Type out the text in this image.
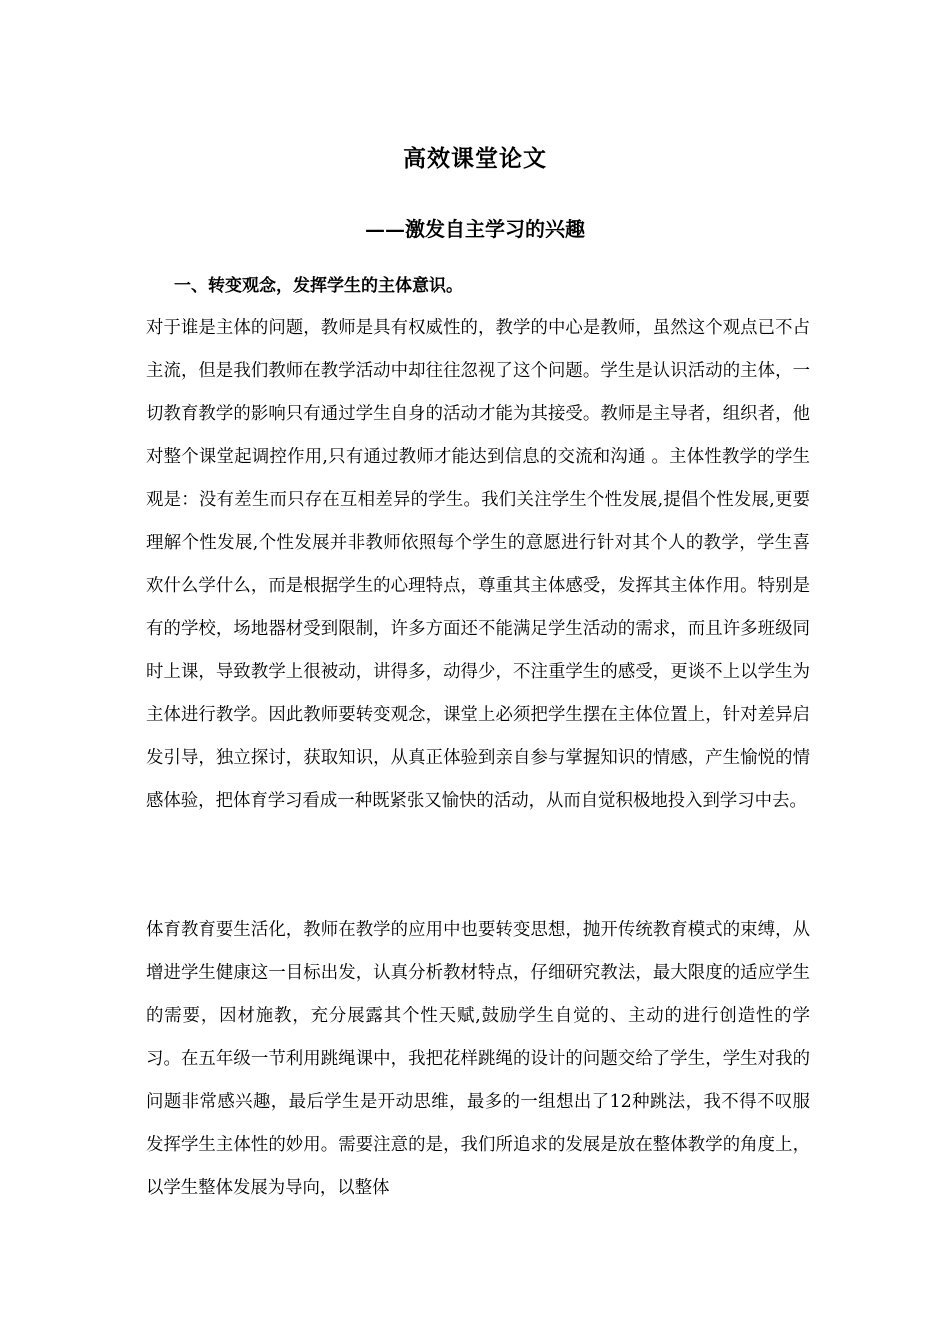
高效课堂论文
——激发自主学习的兴趣
一、转变观念，发挥学生的主体意识。
对于谁是主体的问题，教师是具有权威性的，教学的中心是教师，虽然这个观点已不占主流，但是我们教师在教学活动中却往往忽视了这个问题。学生是认识活动的主体，一切教育教学的影响只有通过学生自身的活动才能为其接受。教师是主导者，组织者，他对整个课堂起调控作用,只有通过教师才能达到信息的交流和沟通 。主体性教学的学生观是：没有差生而只存在互相差异的学生。我们关注学生个性发展,提倡个性发展,更要理解个性发展,个性发展并非教师依照每个学生的意愿进行针对其个人的教学，学生喜欢什么学什么，而是根据学生的心理特点，尊重其主体感受，发挥其主体作用。特别是有的学校，场地器材受到限制，许多方面还不能满足学生活动的需求，而且许多班级同时上课，导致教学上很被动，讲得多，动得少，不注重学生的感受，更谈不上以学生为主体进行教学。因此教师要转变观念，课堂上必须把学生摆在主体位置上，针对差异启发引导，独立探讨，获取知识，从真正体验到亲自参与掌握知识的情感，产生愉悦的情感体验，把体育学习看成一种既紧张又愉快的活动，从而自觉积极地投入到学习中去。
体育教育要生活化，教师在教学的应用中也要转变思想，抛开传统教育模式的束缚，从增进学生健康这一目标出发，认真分析教材特点，仔细研究教法，最大限度的适应学生的需要，因材施教，充分展露其个性天赋,鼓励学生自觉的、主动的进行创造性的学习。在五年级一节利用跳绳课中，我把花样跳绳的设计的问题交给了学生，学生对我的问题非常感兴趣，最后学生是开动思维，最多的一组想出了12种跳法，我不得不叹服发挥学生主体性的妙用。需要注意的是，我们所追求的发展是放在整体教学的角度上，以学生整体发展为导向，以整体
